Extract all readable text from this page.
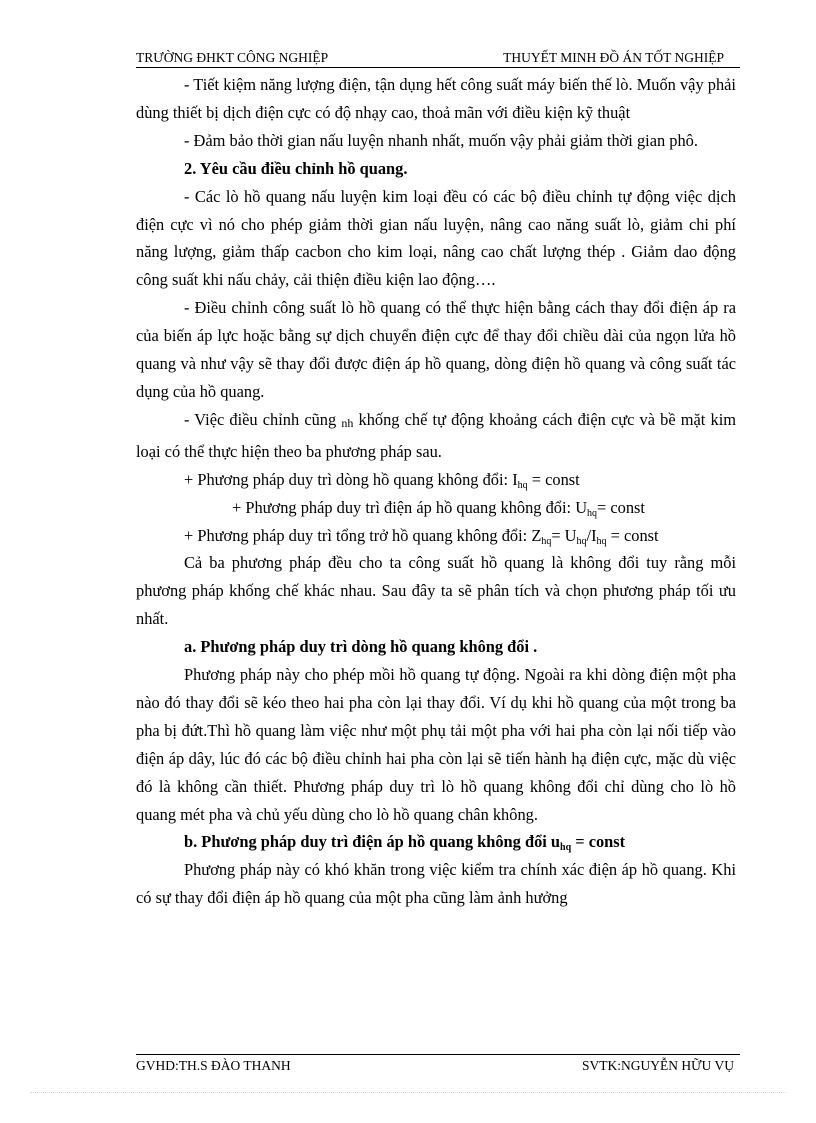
TRƯỜNG ĐHKT CÔNG NGHIỆP	THUYẾT MINH ĐỒ ÁN TỐT NGHIỆP

- Tiết kiệm năng lượng điện, tận dụng hết công suất máy biến thế lò. Muốn vậy phải dùng thiết bị dịch điện cực có độ nhạy cao, thoả mãn với điều kiện kỹ thuật

- Đảm bảo thời gian nấu luyện nhanh nhất, muốn vậy phải giảm thời gian phô.

2. Yêu cầu điều chỉnh hồ quang.

- Các lò hồ quang nấu luyện kim loại đều có các bộ điều chỉnh tự động việc dịch điện cực vì nó cho phép giảm thời gian nấu luyện, nâng cao năng suất lò, giảm chi phí năng lượng, giảm thấp cacbon cho kim loại, nâng cao chất lượng thép . Giảm dao động công suất khi nấu chảy, cải thiện điều kiện lao động….

- Điều chỉnh công suất lò hồ quang có thể thực hiện bằng cách thay đổi điện áp ra của biến áp lực hoặc bằng sự dịch chuyển điện cực để thay đổi chiều dài của ngọn lửa hồ quang và như vậy sẽ thay đổi được điện áp hồ quang, dòng điện hồ quang và công suất tác dụng của hồ quang.

- Việc điều chỉnh cũng nh khống chế tự động khoảng cách điện cực và bề mặt kim loại có thể thực hiện theo ba phương pháp sau.

+ Phương pháp duy trì dòng hồ quang không đổi: $I_{hq}$ = const

+ Phương pháp duy trì điện áp hồ quang không đổi: $U_{hq}=$ const

+ Phương pháp duy trì tổng trở hồ quang không đổi: $Z_{hq}= U_{hq}/I_{hq}$ = const

Cả ba phương pháp đều cho ta công suất hồ quang là không đổi tuy rằng mỗi phương pháp khống chế khác nhau. Sau đây ta sẽ phân tích và chọn phương pháp tối ưu nhất.

a. Phương pháp duy trì dòng hồ quang không đổi .

Phương pháp này cho phép mồi hồ quang tự động. Ngoài ra khi dòng điện một pha nào đó thay đổi sẽ kéo theo hai pha còn lại thay đổi. Ví dụ khi hồ quang của một trong ba pha bị đứt.Thì hồ quang làm việc như một phụ tải một pha với hai pha còn lại nối tiếp vào điện áp dây, lúc đó các bộ điều chỉnh hai pha còn lại sẽ tiến hành hạ điện cực, mặc dù việc đó là không cần thiết. Phương pháp duy trì lò hồ quang không đổi chỉ dùng cho lò hồ quang mét pha và chủ yếu dùng cho lò hồ quang chân không.

b. Phương pháp duy trì điện áp hồ quang không đổi $u_{hq}$ = const

Phương pháp này có khó khăn trong việc kiểm tra chính xác điện áp hồ quang. Khi có sự thay đổi điện áp hồ quang của một pha cũng làm ảnh hưởng

GVHD:TH.S ĐÀO THANH	SVTK:NGUYỄN HỮU VỤ
